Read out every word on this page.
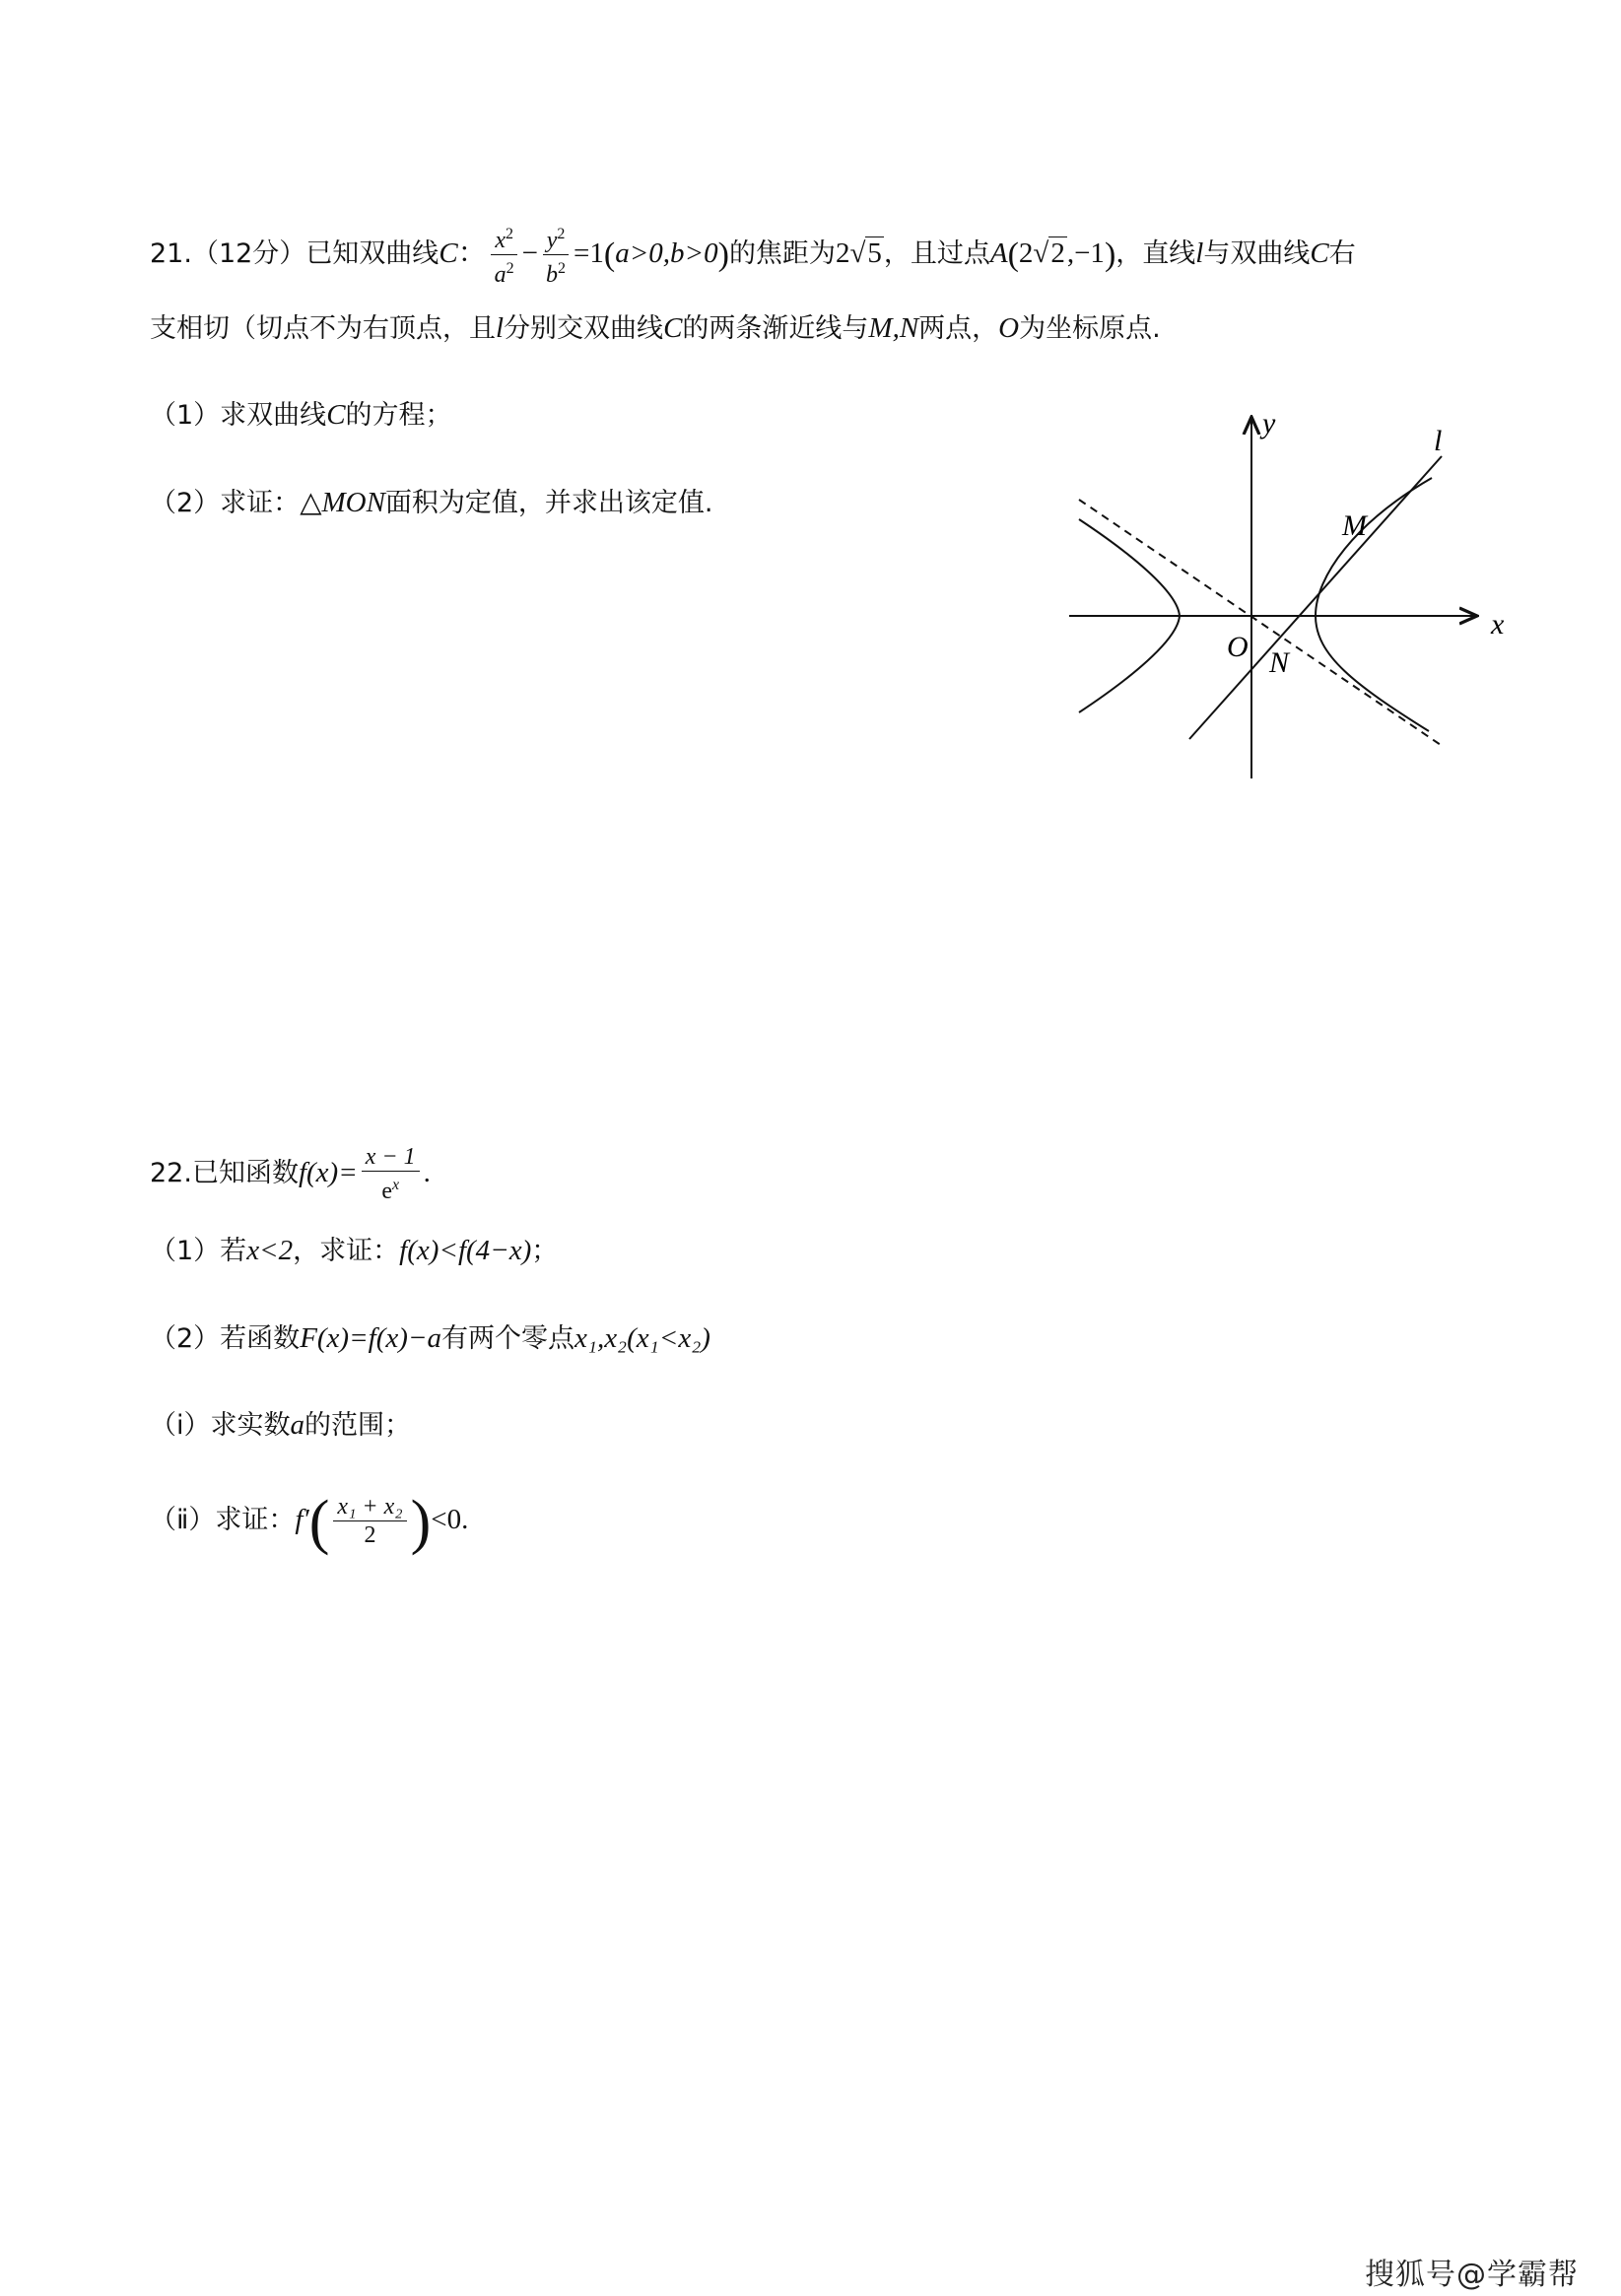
21.（12分）已知双曲线C： $\frac{x^2}{a^2} - \frac{y^2}{b^2} =1(a>0,b>0)$的焦距为2√5，且过点A(2√2,−1)，直线l与双曲线C右
支相切（切点不为右顶点，且l分别交双曲线C的两条渐近线与M,N两点，O为坐标原点.
（1）求双曲线C的方程；
（2）求证：△MON面积为定值，并求出该定值.
y
x
l
M
N
O
22.已知函数$f(x)= \frac{x - 1}{e^x}$ .
（1）若x<2，求证：f(x)<f(4−x)；
（2）若函数F(x)=f(x)−a有两个零点x₁,x₂(x₁<x₂)
（ⅰ）求实数a的范围；
（ⅱ）求证：$f'( \frac{\text{x₁ + x₂}}{2} )<0$.
搜狐号@学霸帮
